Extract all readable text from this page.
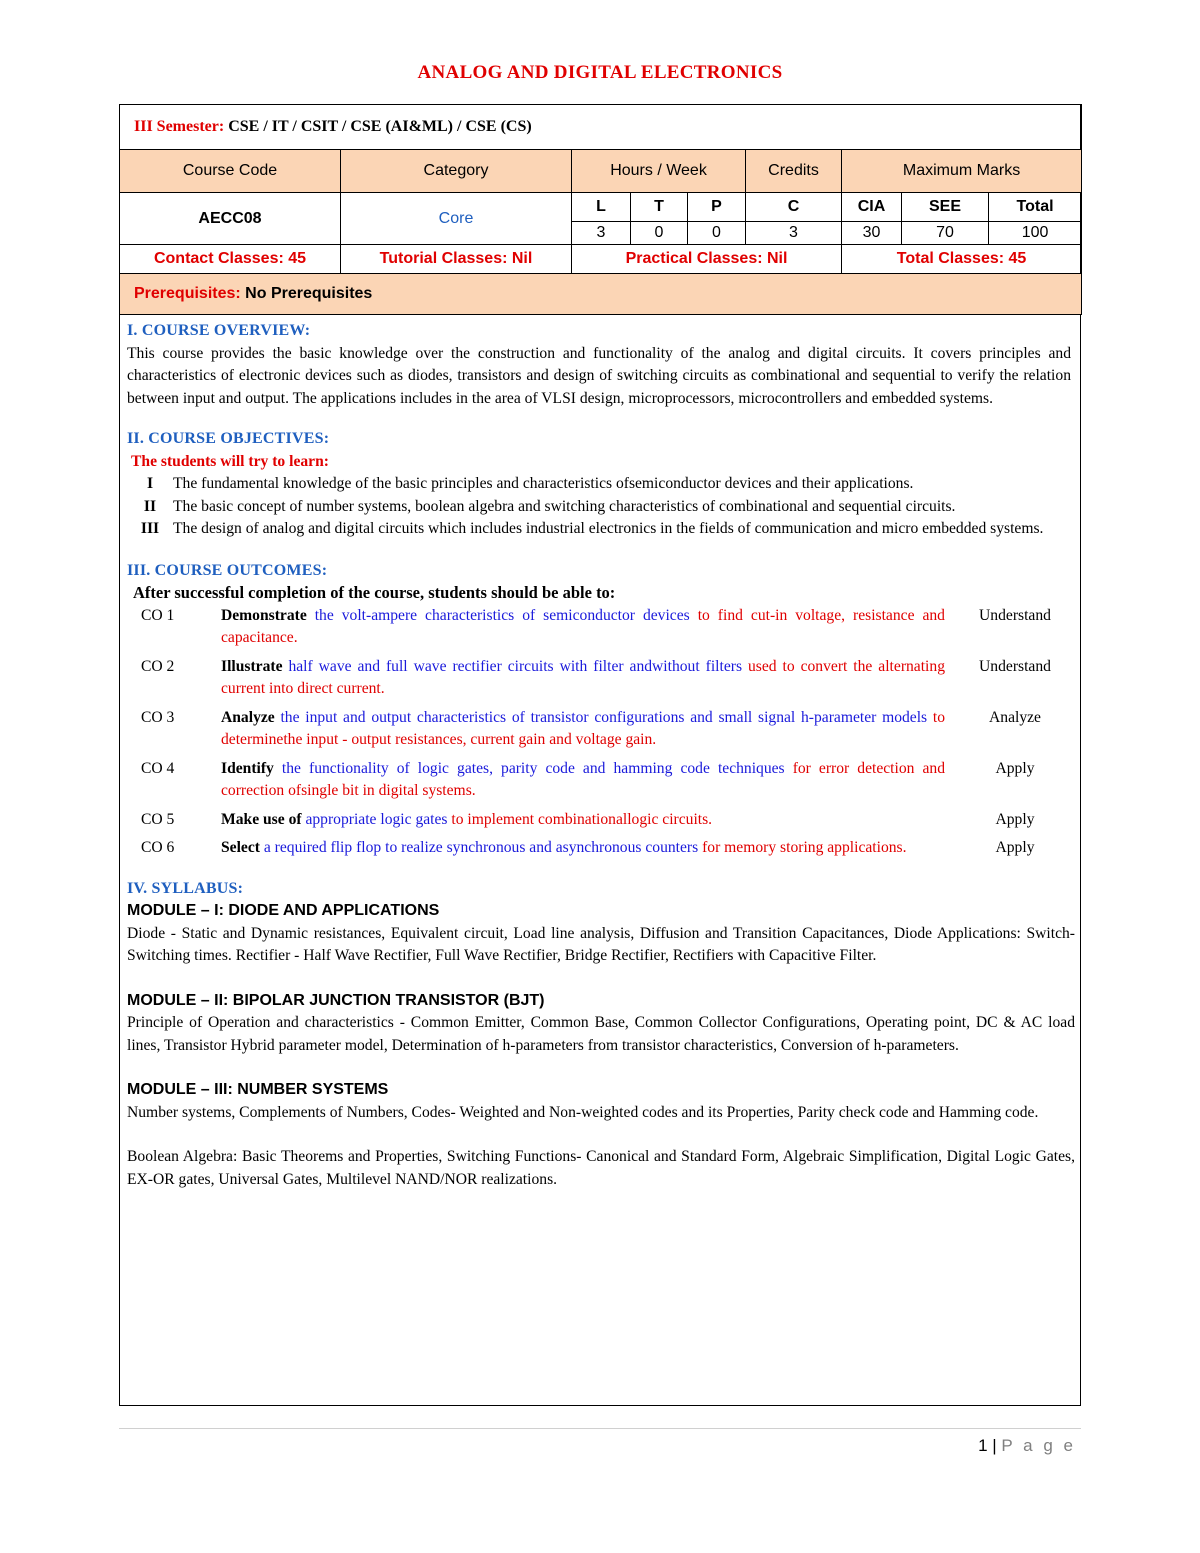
ANALOG AND DIGITAL ELECTRONICS
III Semester: CSE / IT / CSIT / CSE (AI&ML) / CSE (CS)								
Course Code	Category	Hours / Week			Credits	Maximum Marks		
AECC08	Core	L	T	P	C	CIA	SEE	Total
		3	0	0	3	30	70	100
Contact Classes: 45	Tutorial Classes: Nil	Practical Classes: Nil				Total Classes: 45		
Prerequisites: No Prerequisites								
I. COURSE OVERVIEW:
This course provides the basic knowledge over the construction and functionality of the analog and digital circuits. It covers principles and characteristics of electronic devices such as diodes, transistors and design of switching circuits as combinational and sequential to verify the relation between input and output. The applications includes in the area of VLSI design, microprocessors, microcontrollers and embedded systems.
II. COURSE OBJECTIVES:
The students will try to learn:
I	The fundamental knowledge of the basic principles and characteristics ofsemiconductor devices and their applications.
II	The basic concept of number systems, boolean algebra and switching characteristics of combinational and sequential circuits.
III The design of analog and digital circuits which includes industrial electronics in the fields of communication and micro embedded systems.
III. COURSE OUTCOMES:
After successful completion of the course, students should be able to:
CO 1	Demonstrate the volt-ampere characteristics of semiconductor devices to find cut-in voltage, resistance and capacitance.	Understand
CO 2	Illustrate half wave and full wave rectifier circuits with filter andwithout filters used to convert the alternating current into direct current.	Understand
CO 3	Analyze the input and output characteristics of transistor configurations and small signal h-parameter models to determinethe input - output resistances, current gain and voltage gain.	Analyze
CO 4	Identify the functionality of logic gates, parity code and hamming code techniques for error detection and correction ofsingle bit in digital systems.	Apply
CO 5	Make use of appropriate logic gates to implement combinationallogic circuits.	Apply
CO 6	Select a required flip flop to realize synchronous and asynchronous counters for memory storing applications.	Apply
IV. SYLLABUS:
MODULE – I: DIODE AND APPLICATIONS
Diode - Static and Dynamic resistances, Equivalent circuit, Load line analysis, Diffusion and Transition Capacitances, Diode Applications: Switch-Switching times. Rectifier - Half Wave Rectifier, Full Wave Rectifier, Bridge Rectifier, Rectifiers with Capacitive Filter.
MODULE – II: BIPOLAR JUNCTION TRANSISTOR (BJT)
Principle of Operation and characteristics - Common Emitter, Common Base, Common Collector Configurations, Operating point, DC & AC load lines, Transistor Hybrid parameter model, Determination of h-parameters from transistor characteristics, Conversion of h-parameters.
MODULE – III: NUMBER SYSTEMS
Number systems, Complements of Numbers, Codes- Weighted and Non-weighted codes and its Properties, Parity check code and Hamming code.
Boolean Algebra: Basic Theorems and Properties, Switching Functions- Canonical and Standard Form, Algebraic Simplification, Digital Logic Gates, EX-OR gates, Universal Gates, Multilevel NAND/NOR realizations.
1 | P a g e
